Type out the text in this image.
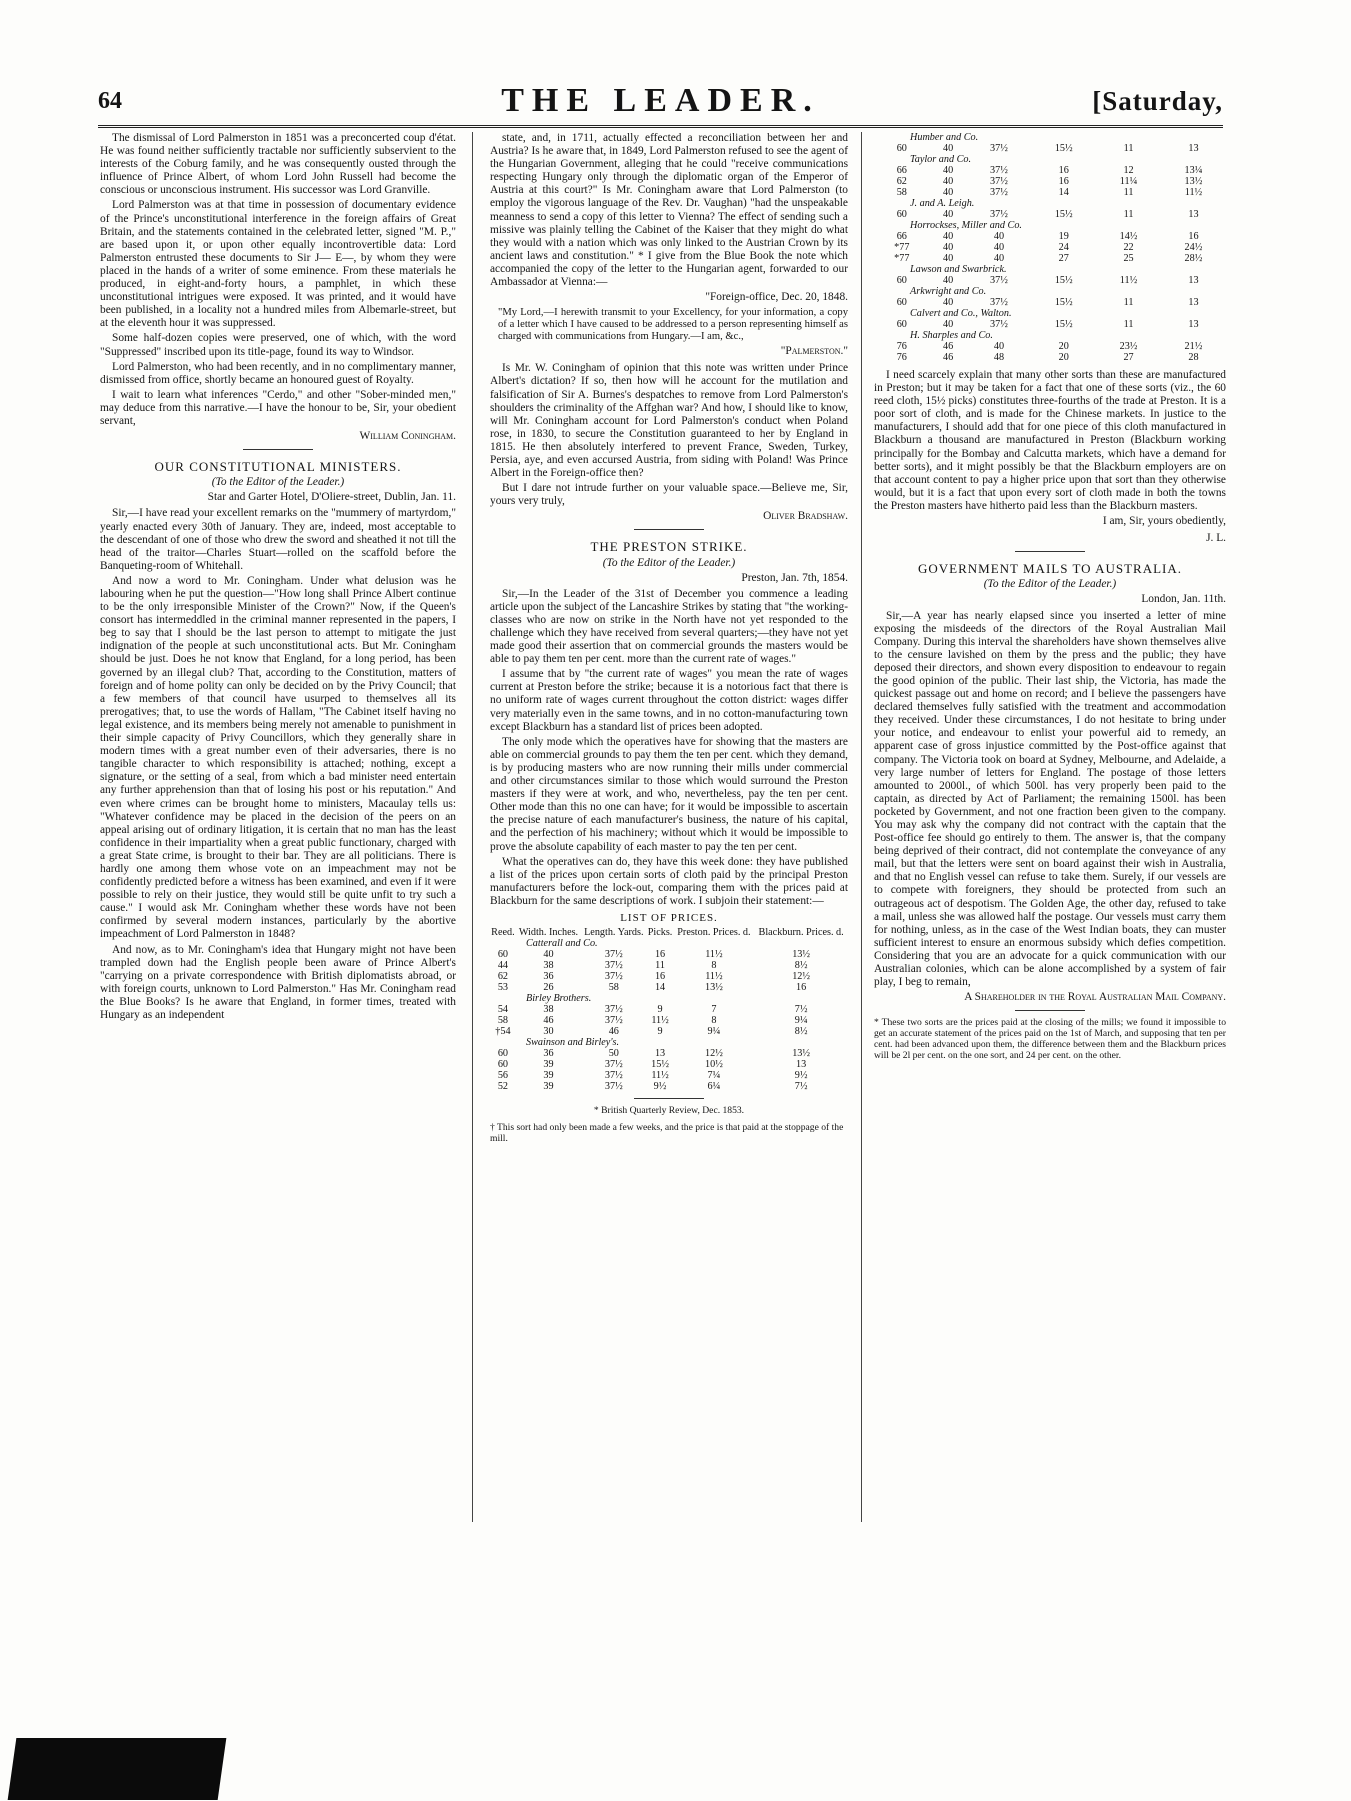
64	THE LEADER.	[Saturday,

The dismissal of Lord Palmerston in 1851 was a preconcerted coup d'état. He was found neither sufficiently tractable nor sufficiently subservient to the interests of the Coburg family, and he was consequently ousted through the influence of Prince Albert, of whom Lord John Russell had become the conscious or unconscious instrument. His successor was Lord Granville.

Lord Palmerston was at that time in possession of documentary evidence of the Prince's unconstitutional interference in the foreign affairs of Great Britain, and the statements contained in the celebrated letter, signed "M. P.," are based upon it, or upon other equally incontrovertible data: Lord Palmerston entrusted these documents to Sir J— E—, by whom they were placed in the hands of a writer of some eminence. From these materials he produced, in eight-and-forty hours, a pamphlet, in which these unconstitutional intrigues were exposed. It was printed, and it would have been published, in a locality not a hundred miles from Albemarle-street, but at the eleventh hour it was suppressed.

Some half-dozen copies were preserved, one of which, with the word "Suppressed" inscribed upon its title-page, found its way to Windsor.

Lord Palmerston, who had been recently, and in no complimentary manner, dismissed from office, shortly became an honoured guest of Royalty.

I wait to learn what inferences "Cerdo," and other "Sober-minded men," may deduce from this narrative.—I have the honour to be, Sir, your obedient servant,

William Coningham.
OUR CONSTITUTIONAL MINISTERS.
(To the Editor of the Leader.)
Star and Garter Hotel, D'Oliere-street, Dublin, Jan. 11.

Sir,—I have read your excellent remarks on the "mummery of martyrdom," yearly enacted every 30th of January. They are, indeed, most acceptable to the descendant of one of those who drew the sword and sheathed it not till the head of the traitor—Charles Stuart—rolled on the scaffold before the Banqueting-room of Whitehall.

And now a word to Mr. Coningham. Under what delusion was he labouring when he put the question—"How long shall Prince Albert continue to be the only irresponsible Minister of the Crown?" Now, if the Queen's consort has intermeddled in the criminal manner represented in the papers, I beg to say that I should be the last person to attempt to mitigate the just indignation of the people at such unconstitutional acts. But Mr. Coningham should be just. Does he not know that England, for a long period, has been governed by an illegal club? That, according to the Constitution, matters of foreign and of home polity can only be decided on by the Privy Council; that a few members of that council have usurped to themselves all its prerogatives; that, to use the words of Hallam, "The Cabinet itself having no legal existence, and its members being merely not amenable to punishment in their simple capacity of Privy Councillors, which they generally share in modern times with a great number even of their adversaries, there is no tangible character to which responsibility is attached; nothing, except a signature, or the setting of a seal, from which a bad minister need entertain any further apprehension than that of losing his post or his reputation." And even where crimes can be brought home to ministers, Macaulay tells us: "Whatever confidence may be placed in the decision of the peers on an appeal arising out of ordinary litigation, it is certain that no man has the least confidence in their impartiality when a great public functionary, charged with a great State crime, is brought to their bar. They are all politicians. There is hardly one among them whose vote on an impeachment may not be confidently predicted before a witness has been examined, and even if it were possible to rely on their justice, they would still be quite unfit to try such a cause." I would ask Mr. Coningham whether these words have not been confirmed by several modern instances, particularly by the abortive impeachment of Lord Palmerston in 1848?

And now, as to Mr. Coningham's idea that Hungary might not have been trampled down had the English people been aware of Prince Albert's "carrying on a private correspondence with British diplomatists abroad, or with foreign courts, unknown to Lord Palmerston." Has Mr. Coningham read the Blue Books? Is he aware that England, in former times, treated with Hungary as an independent

state, and, in 1711, actually effected a reconciliation between her and Austria? Is he aware that, in 1849, Lord Palmerston refused to see the agent of the Hungarian Government, alleging that he could "receive communications respecting Hungary only through the diplomatic organ of the Emperor of Austria at this court?" Is Mr. Coningham aware that Lord Palmerston (to employ the vigorous language of the Rev. Dr. Vaughan) "had the unspeakable meanness to send a copy of this letter to Vienna? The effect of sending such a missive was plainly telling the Cabinet of the Kaiser that they might do what they would with a nation which was only linked to the Austrian Crown by its ancient laws and constitution." * I give from the Blue Book the note which accompanied the copy of the letter to the Hungarian agent, forwarded to our Ambassador at Vienna:—

"Foreign-office, Dec. 20, 1848.
"My Lord,—I herewith transmit to your Excellency, for your information, a copy of a letter which I have caused to be addressed to a person representing himself as charged with communications from Hungary.—I am, &c.,
"Palmerston."

Is Mr. W. Coningham of opinion that this note was written under Prince Albert's dictation? If so, then how will he account for the mutilation and falsification of Sir A. Burnes's despatches to remove from Lord Palmerston's shoulders the criminality of the Affghan war? And how, I should like to know, will Mr. Coningham account for Lord Palmerston's conduct when Poland rose, in 1830, to secure the Constitution guaranteed to her by England in 1815. He then absolutely interfered to prevent France, Sweden, Turkey, Persia, aye, and even accursed Austria, from siding with Poland! Was Prince Albert in the Foreign-office then?

But I dare not intrude further on your valuable space.—Believe me, Sir, yours very truly,

Oliver Bradshaw.
THE PRESTON STRIKE.
(To the Editor of the Leader.)
Preston, Jan. 7th, 1854.

Sir,—In the Leader of the 31st of December you commence a leading article upon the subject of the Lancashire Strikes by stating that "the working-classes who are now on strike in the North have not yet responded to the challenge which they have received from several quarters;—they have not yet made good their assertion that on commercial grounds the masters would be able to pay them ten per cent. more than the current rate of wages."

I assume that by "the current rate of wages" you mean the rate of wages current at Preston before the strike; because it is a notorious fact that there is no uniform rate of wages current throughout the cotton district: wages differ very materially even in the same towns, and in no cotton-manufacturing town except Blackburn has a standard list of prices been adopted.

The only mode which the operatives have for showing that the masters are able on commercial grounds to pay them the ten per cent. which they demand, is by producing masters who are now running their mills under commercial and other circumstances similar to those which would surround the Preston masters if they were at work, and who, nevertheless, pay the ten per cent. Other mode than this no one can have; for it would be impossible to ascertain the precise nature of each manufacturer's business, the nature of his capital, and the perfection of his machinery; without which it would be impossible to prove the absolute capability of each master to pay the ten per cent.

What the operatives can do, they have this week done: they have published a list of the prices upon certain sorts of cloth paid by the principal Preston manufacturers before the lock-out, comparing them with the prices paid at Blackburn for the same descriptions of work. I subjoin their statement:—

LIST OF PRICES.
Reed.	Width. Inches.	Length. Yards.	Picks.	Preston. Prices. d.	Blackburn. Prices. d.
Catterall and Co.					
60	40	37½	16	11½	13½
44	38	37½	11	8	8½
62	36	37½	16	11½	12½
53	26	58	14	13½	16
Birley Brothers.					
54	38	37½	9	7	7½
58	46	37½	11½	8	9¼
†54	30	46	9	9¼	8½
Swainson and Birley's.					
60	36	50	13	12½	13½
60	39	37½	15½	10½	13
56	39	37½	11½	7¼	9½
52	39	37½	9½	6¼	7½
* British Quarterly Review, Dec. 1853.
† This sort had only been made a few weeks, and the price is that paid at the stoppage of the mill.
Humber and Co.					
60	40	37½	15½	11	13
Taylor and Co.					
66	40	37½	16	12	13¼
62	40	37½	16	11¼	13½
58	40	37½	14	11	11½
J. and A. Leigh.					
60	40	37½	15½	11	13
Horrockses, Miller and Co.					
66	40	40	19	14½	16
*77	40	40	24	22	24½
*77	40	40	27	25	28½
Lawson and Swarbrick.					
60	40	37½	15½	11½	13
Arkwright and Co.					
60	40	37½	15½	11	13
Calvert and Co., Walton.					
60	40	37½	15½	11	13
H. Sharples and Co.					
76	46	40	20	23½	21½
76	46	48	20	27	28

I need scarcely explain that many other sorts than these are manufactured in Preston; but it may be taken for a fact that one of these sorts (viz., the 60 reed cloth, 15½ picks) constitutes three-fourths of the trade at Preston. It is a poor sort of cloth, and is made for the Chinese markets. In justice to the manufacturers, I should add that for one piece of this cloth manufactured in Blackburn a thousand are manufactured in Preston (Blackburn working principally for the Bombay and Calcutta markets, which have a demand for better sorts), and it might possibly be that the Blackburn employers are on that account content to pay a higher price upon that sort than they otherwise would, but it is a fact that upon every sort of cloth made in both the towns the Preston masters have hitherto paid less than the Blackburn masters.

I am, Sir, yours obediently,
J. L.
GOVERNMENT MAILS TO AUSTRALIA.
(To the Editor of the Leader.)
London, Jan. 11th.

Sir,—A year has nearly elapsed since you inserted a letter of mine exposing the misdeeds of the directors of the Royal Australian Mail Company. During this interval the shareholders have shown themselves alive to the censure lavished on them by the press and the public; they have deposed their directors, and shown every disposition to endeavour to regain the good opinion of the public. Their last ship, the Victoria, has made the quickest passage out and home on record; and I believe the passengers have declared themselves fully satisfied with the treatment and accommodation they received. Under these circumstances, I do not hesitate to bring under your notice, and endeavour to enlist your powerful aid to remedy, an apparent case of gross injustice committed by the Post-office against that company. The Victoria took on board at Sydney, Melbourne, and Adelaide, a very large number of letters for England. The postage of those letters amounted to 2000l., of which 500l. has very properly been paid to the captain, as directed by Act of Parliament; the remaining 1500l. has been pocketed by Government, and not one fraction been given to the company. You may ask why the company did not contract with the captain that the Post-office fee should go entirely to them. The answer is, that the company being deprived of their contract, did not contemplate the conveyance of any mail, but that the letters were sent on board against their wish in Australia, and that no English vessel can refuse to take them. Surely, if our vessels are to compete with foreigners, they should be protected from such an outrageous act of despotism. The Golden Age, the other day, refused to take a mail, unless she was allowed half the postage. Our vessels must carry them for nothing, unless, as in the case of the West Indian boats, they can muster sufficient interest to ensure an enormous subsidy which defies competition. Considering that you are an advocate for a quick communication with our Australian colonies, which can be alone accomplished by a system of fair play, I beg to remain,

A Shareholder in the Royal Australian Mail Company.
* These two sorts are the prices paid at the closing of the mills; we found it impossible to get an accurate statement of the prices paid on the 1st of March, and supposing that ten per cent. had been advanced upon them, the difference between them and the Blackburn prices will be 2l per cent. on the one sort, and 24 per cent. on the other.
